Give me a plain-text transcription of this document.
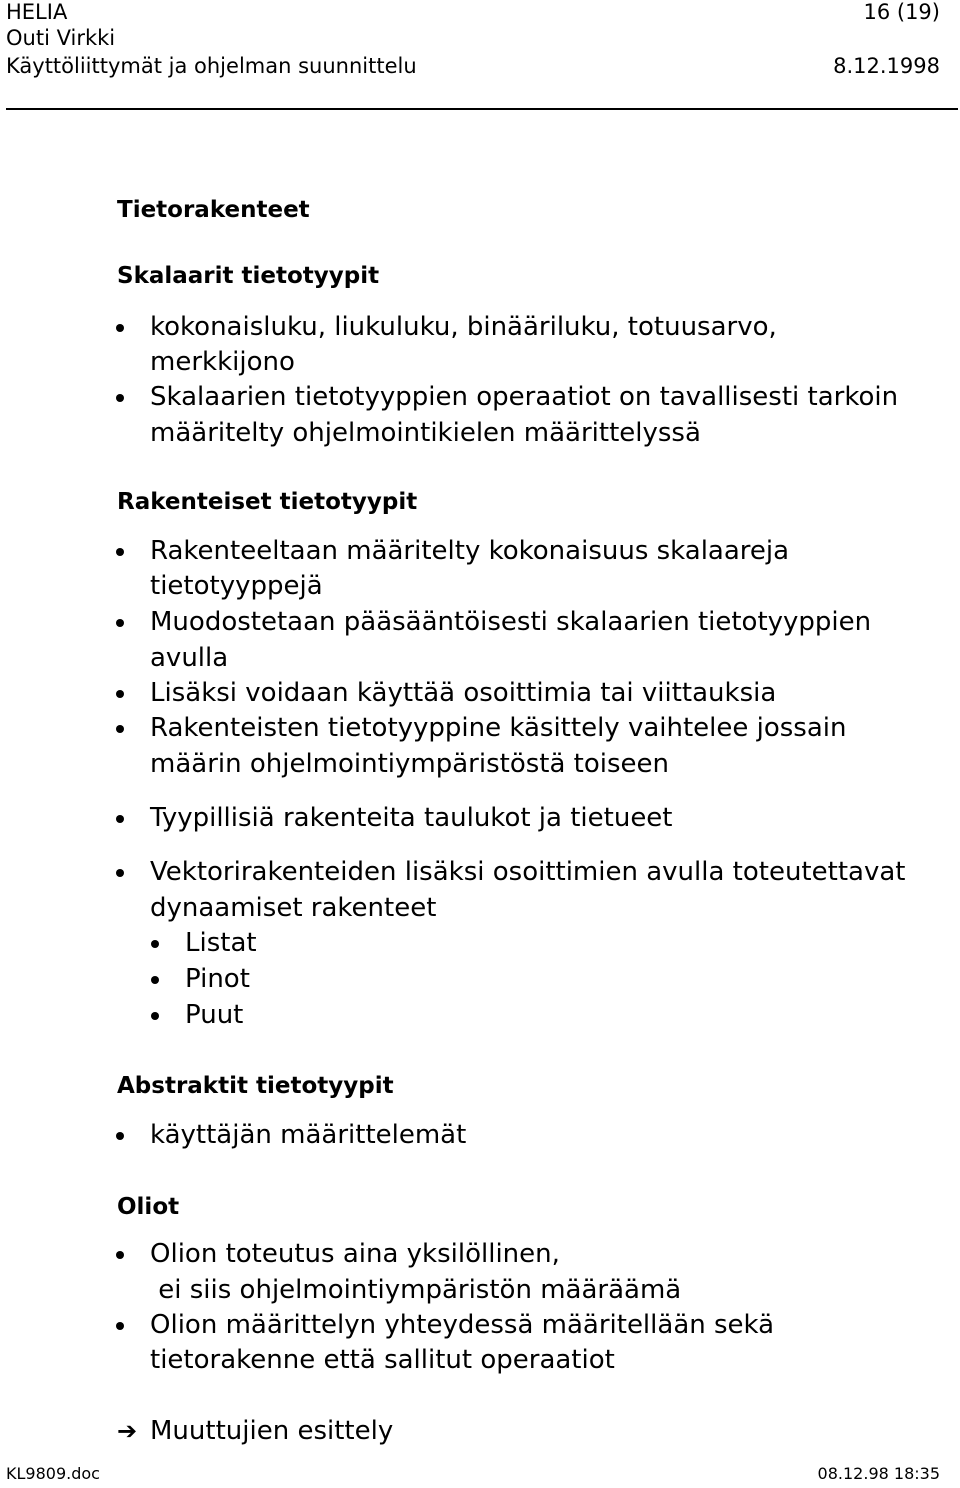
HELIA	16 (19)
Outi Virkki
Käyttöliittymät ja ohjelman suunnittelu	8.12.1998
Tietorakenteet
Skalaarit tietotyypit
kokonaisluku, liukuluku, binääriluku, totuusarvo,
merkkijono
Skalaarien tietotyyppien operaatiot on tavallisesti tarkoin
määritelty ohjelmointikielen määrittelyssä
Rakenteiset tietotyypit
Rakenteeltaan määritelty kokonaisuus skalaareja
tietotyyppejä
Muodostetaan pääsääntöisesti skalaarien tietotyyppien
avulla
Lisäksi voidaan käyttää osoittimia tai viittauksia
Rakenteisten tietotyyppine käsittely vaihtelee jossain
määrin ohjelmointiympäristöstä toiseen
Tyypillisiä rakenteita taulukot ja tietueet
Vektorirakenteiden lisäksi osoittimien avulla toteutettavat
dynaamiset rakenteet
Listat
Pinot
Puut
Abstraktit tietotyypit
käyttäjän määrittelemät
Oliot
Olion toteutus aina yksilöllinen,
ei siis ohjelmointiympäristön määräämä
Olion määrittelyn yhteydessä määritellään sekä
tietorakenne että sallitut operaatiot
➔ Muuttujien esittely
KL9809.doc	08.12.98 18:35
